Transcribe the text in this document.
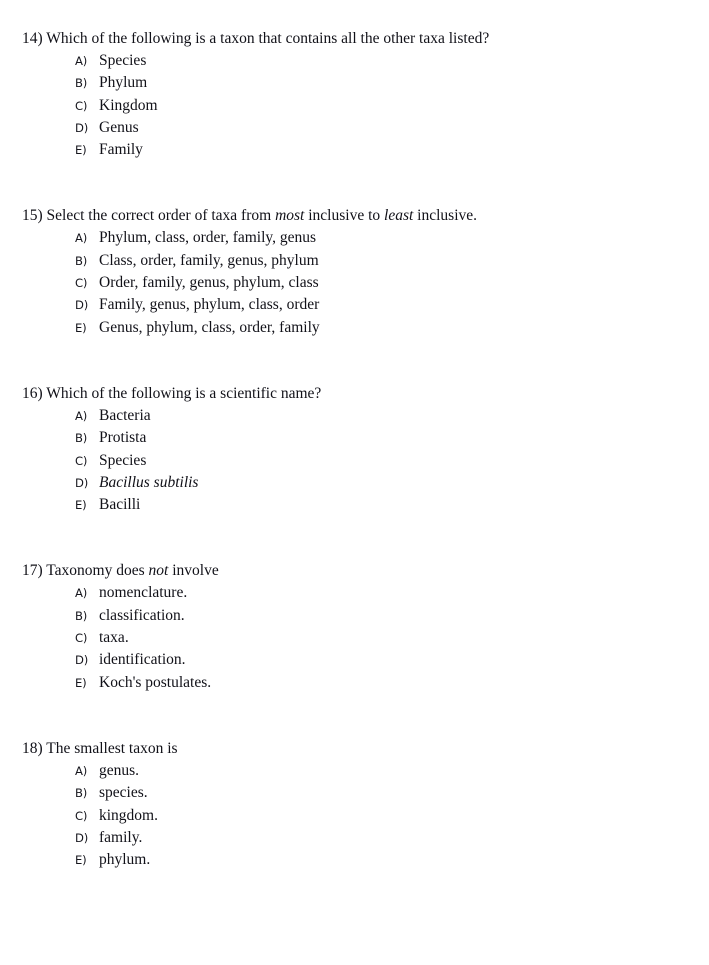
14) Which of the following is a taxon that contains all the other taxa listed?
A) Species
B) Phylum
C) Kingdom
D) Genus
E) Family
15) Select the correct order of taxa from most inclusive to least inclusive.
A) Phylum, class, order, family, genus
B) Class, order, family, genus, phylum
C) Order, family, genus, phylum, class
D) Family, genus, phylum, class, order
E) Genus, phylum, class, order, family
16) Which of the following is a scientific name?
A) Bacteria
B) Protista
C) Species
D) Bacillus subtilis
E) Bacilli
17) Taxonomy does not involve
A) nomenclature.
B) classification.
C) taxa.
D) identification.
E) Koch's postulates.
18) The smallest taxon is
A) genus.
B) species.
C) kingdom.
D) family.
E) phylum.
